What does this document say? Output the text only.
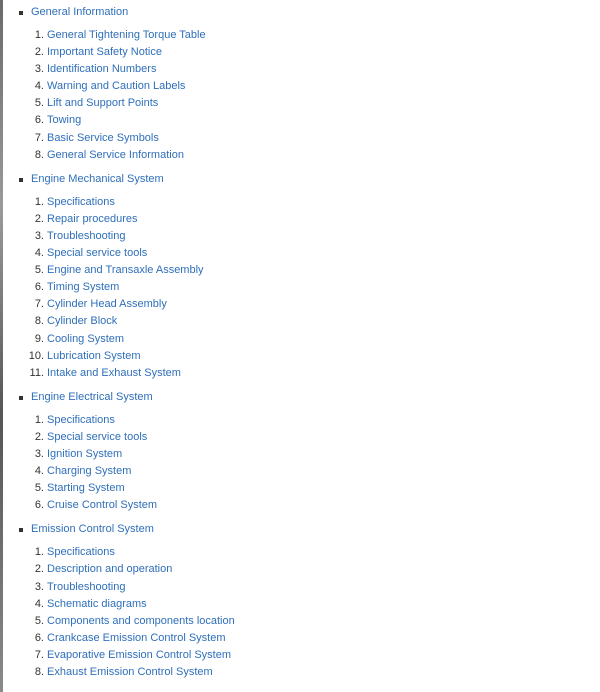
General Information
1. General Tightening Torque Table
2. Important Safety Notice
3. Identification Numbers
4. Warning and Caution Labels
5. Lift and Support Points
6. Towing
7. Basic Service Symbols
8. General Service Information
Engine Mechanical System
1. Specifications
2. Repair procedures
3. Troubleshooting
4. Special service tools
5. Engine and Transaxle Assembly
6. Timing System
7. Cylinder Head Assembly
8. Cylinder Block
9. Cooling System
10. Lubrication System
11. Intake and Exhaust System
Engine Electrical System
1. Specifications
2. Special service tools
3. Ignition System
4. Charging System
5. Starting System
6. Cruise Control System
Emission Control System
1. Specifications
2. Description and operation
3. Troubleshooting
4. Schematic diagrams
5. Components and components location
6. Crankcase Emission Control System
7. Evaporative Emission Control System
8. Exhaust Emission Control System
